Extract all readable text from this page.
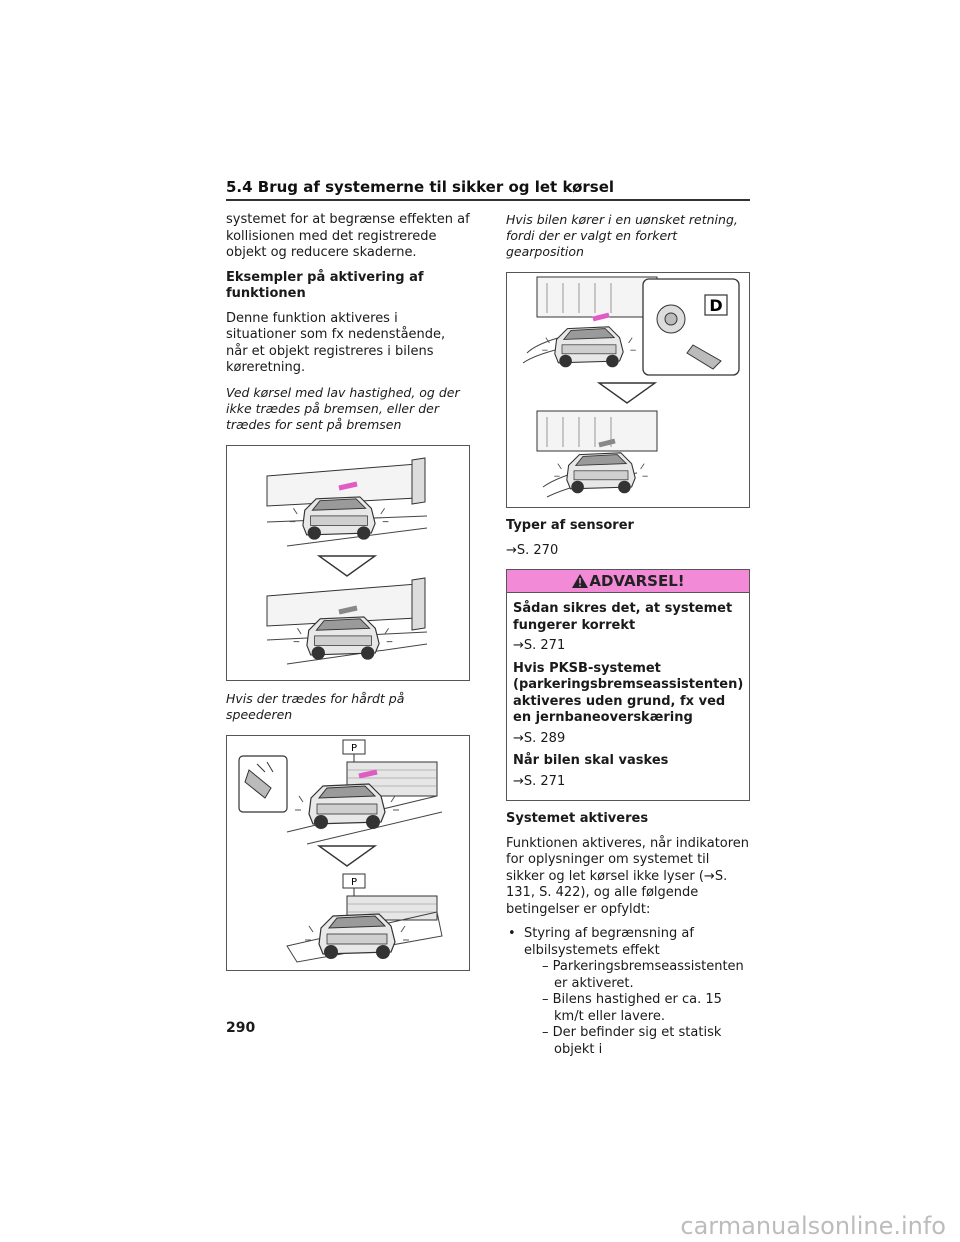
5.4 Brug af systemerne til sikker og let kørsel

systemet for at begrænse effekten af kollisionen med det registrerede objekt og reducere skaderne.

Eksempler på aktivering af funktionen

Denne funktion aktiveres i situationer som fx nedenstående, når et objekt registreres i bilens køreretning.

Ved kørsel med lav hastighed, og der ikke trædes på bremsen, eller der trædes for sent på bremsen

Hvis der trædes for hårdt på speederen

P
P

Hvis bilen kører i en uønsket retning, fordi der er valgt en forkert gearposition

D

Typer af sensorer

→S. 270

ADVARSEL!

Sådan sikres det, at systemet fungerer korrekt

→S. 271

Hvis PKSB-systemet (parkeringsbremseassistenten) aktiveres uden grund, fx ved en jernbaneoverskæring

→S. 289

Når bilen skal vaskes

→S. 271

Systemet aktiveres

Funktionen aktiveres, når indikatoren for oplysninger om systemet til sikker og let kørsel ikke lyser (→S. 131, S. 422), og alle følgende betingelser er opfyldt:

• Styring af begrænsning af elbilsystemets effekt
– Parkeringsbremseassistenten er aktiveret.
– Bilens hastighed er ca. 15 km/t eller lavere.
– Der befinder sig et statisk objekt i
290
carmanualsonline.info
